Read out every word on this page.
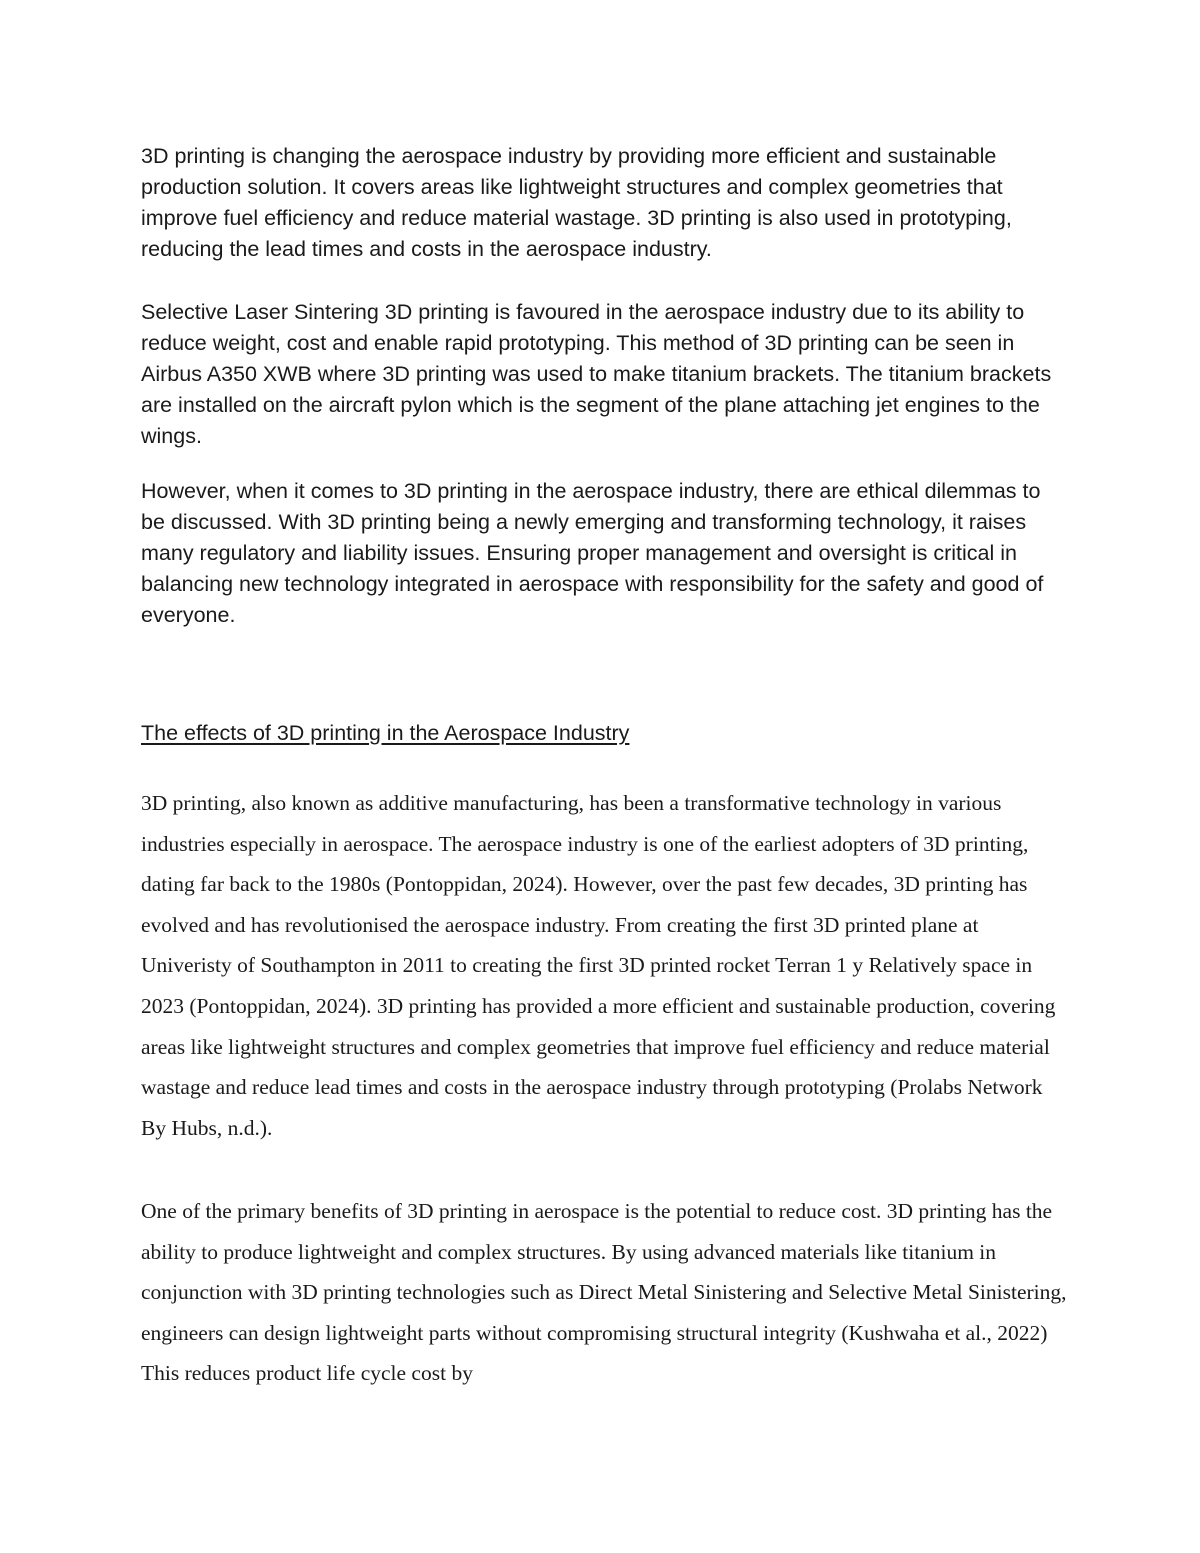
3D printing is changing the aerospace industry by providing more efficient and sustainable production solution. It covers areas like lightweight structures and complex geometries that improve fuel efficiency and reduce material wastage. 3D printing is also used in prototyping, reducing the lead times and costs in the aerospace industry.

Selective Laser Sintering 3D printing is favoured in the aerospace industry due to its ability to reduce weight, cost and enable rapid prototyping. This method of 3D printing can be seen in Airbus A350 XWB where 3D printing was used to make titanium brackets. The titanium brackets are installed on the aircraft pylon which is the segment of the plane attaching jet engines to the wings.

However, when it comes to 3D printing in the aerospace industry, there are ethical dilemmas to be discussed. With 3D printing being a newly emerging and transforming technology, it raises many regulatory and liability issues. Ensuring proper management and oversight is critical in balancing new technology integrated in aerospace with responsibility for the safety and good of everyone.

The effects of 3D printing in the Aerospace Industry

3D printing, also known as additive manufacturing, has been a transformative technology in various industries especially in aerospace. The aerospace industry is one of the earliest adopters of 3D printing, dating far back to the 1980s (Pontoppidan, 2024). However, over the past few decades, 3D printing has evolved and has revolutionised the aerospace industry. From creating the first 3D printed plane at Univeristy of Southampton in 2011 to creating the first 3D printed rocket Terran 1 y Relatively space in 2023 (Pontoppidan, 2024). 3D printing has provided a more efficient and sustainable production, covering areas like lightweight structures and complex geometries that improve fuel efficiency and reduce material wastage and reduce lead times and costs in the aerospace industry through prototyping (Prolabs Network By Hubs, n.d.).

One of the primary benefits of 3D printing in aerospace is the potential to reduce cost. 3D printing has the ability to produce lightweight and complex structures. By using advanced materials like titanium in conjunction with 3D printing technologies such as Direct Metal Sinistering and Selective Metal Sinistering, engineers can design lightweight parts without compromising structural integrity (Kushwaha et al., 2022) This reduces product life cycle cost by
